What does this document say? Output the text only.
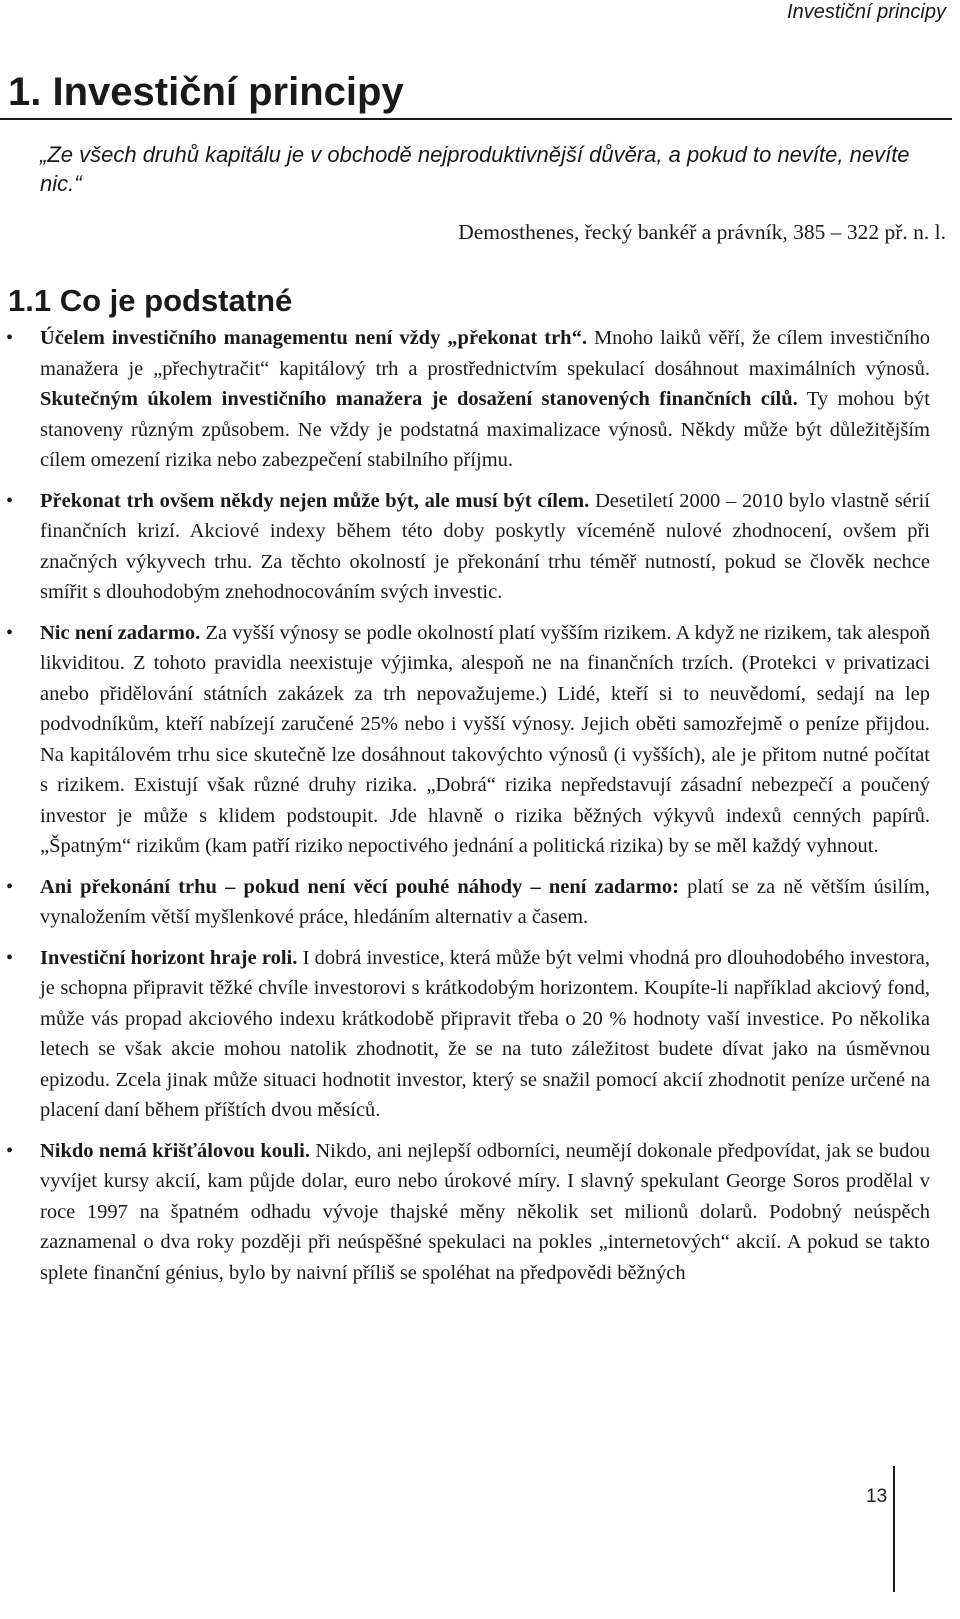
Investiční principy
1. Investiční principy

„Ze všech druhů kapitálu je v obchodě nejproduktivnější důvěra, a pokud to nevíte, nevíte nic.“

Demosthenes, řecký bankéř a právník, 385 – 322 př. n. l.

1.1 Co je podstatné
• Účelem investičního managementu není vždy „překonat trh“. Mnoho laiků věří, že cílem investičního manažera je „přechytračit“ kapitálový trh a prostřednictvím spekulací dosáhnout maximálních výnosů. Skutečným úkolem investičního manažera je dosažení stanovených finančních cílů. Ty mohou být stanoveny různým způsobem. Ne vždy je podstatná maximalizace výnosů. Někdy může být důležitějším cílem omezení rizika nebo zabezpečení stabilního příjmu.

• Překonat trh ovšem někdy nejen může být, ale musí být cílem. Desetiletí 2000 – 2010 bylo vlastně sérií finančních krizí. Akciové indexy během této doby poskytly víceméně nulové zhodnocení, ovšem při značných výkyvech trhu. Za těchto okolností je překonání trhu téměř nutností, pokud se člověk nechce smířit s dlouhodobým znehodnocováním svých investic.

• Nic není zadarmo. Za vyšší výnosy se podle okolností platí vyšším rizikem. A když ne rizikem, tak alespoň likviditou. Z tohoto pravidla neexistuje výjimka, alespoň ne na finančních trzích. (Protekci v privatizaci anebo přidělování státních zakázek za trh nepovažujeme.) Lidé, kteří si to neuvědomí, sedají na lep podvodníkům, kteří nabízejí zaručené 25% nebo i vyšší výnosy. Jejich oběti samozřejmě o peníze přijdou. Na kapitálovém trhu sice skutečně lze dosáhnout takovýchto výnosů (i vyšších), ale je přitom nutné počítat s rizikem. Existují však různé druhy rizika. „Dobrá“ rizika nepředstavují zásadní nebezpečí a poučený investor je může s klidem podstoupit. Jde hlavně o rizika běžných výkyvů indexů cenných papírů. „Špatným“ rizikům (kam patří riziko nepoctivého jednání a politická rizika) by se měl každý vyhnout.

• Ani překonání trhu – pokud není věcí pouhé náhody – není zadarmo: platí se za ně větším úsilím, vynaložením větší myšlenkové práce, hledáním alternativ a časem.

• Investiční horizont hraje roli. I dobrá investice, která může být velmi vhodná pro dlouhodobého investora, je schopna připravit těžké chvíle investorovi s krátkodobým horizontem. Koupíte-li například akciový fond, může vás propad akciového indexu krátkodobě připravit třeba o 20 % hodnoty vaší investice. Po několika letech se však akcie mohou natolik zhodnotit, že se na tuto záležitost budete dívat jako na úsměvnou epizodu. Zcela jinak může situaci hodnotit investor, který se snažil pomocí akcií zhodnotit peníze určené na placení daní během příštích dvou měsíců.

• Nikdo nemá křišťálovou kouli. Nikdo, ani nejlepší odborníci, neumějí dokonale předpovídat, jak se budou vyvíjet kursy akcií, kam půjde dolar, euro nebo úrokové míry. I slavný spekulant George Soros prodělal v roce 1997 na špatném odhadu vývoje thajské měny několik set milionů dolarů. Podobný neúspěch zaznamenal o dva roky později při neúspěšné spekulaci na pokles „internetových“ akcií. A pokud se takto splete finanční génius, bylo by naivní příliš se spoléhat na předpovědi běžných

13
